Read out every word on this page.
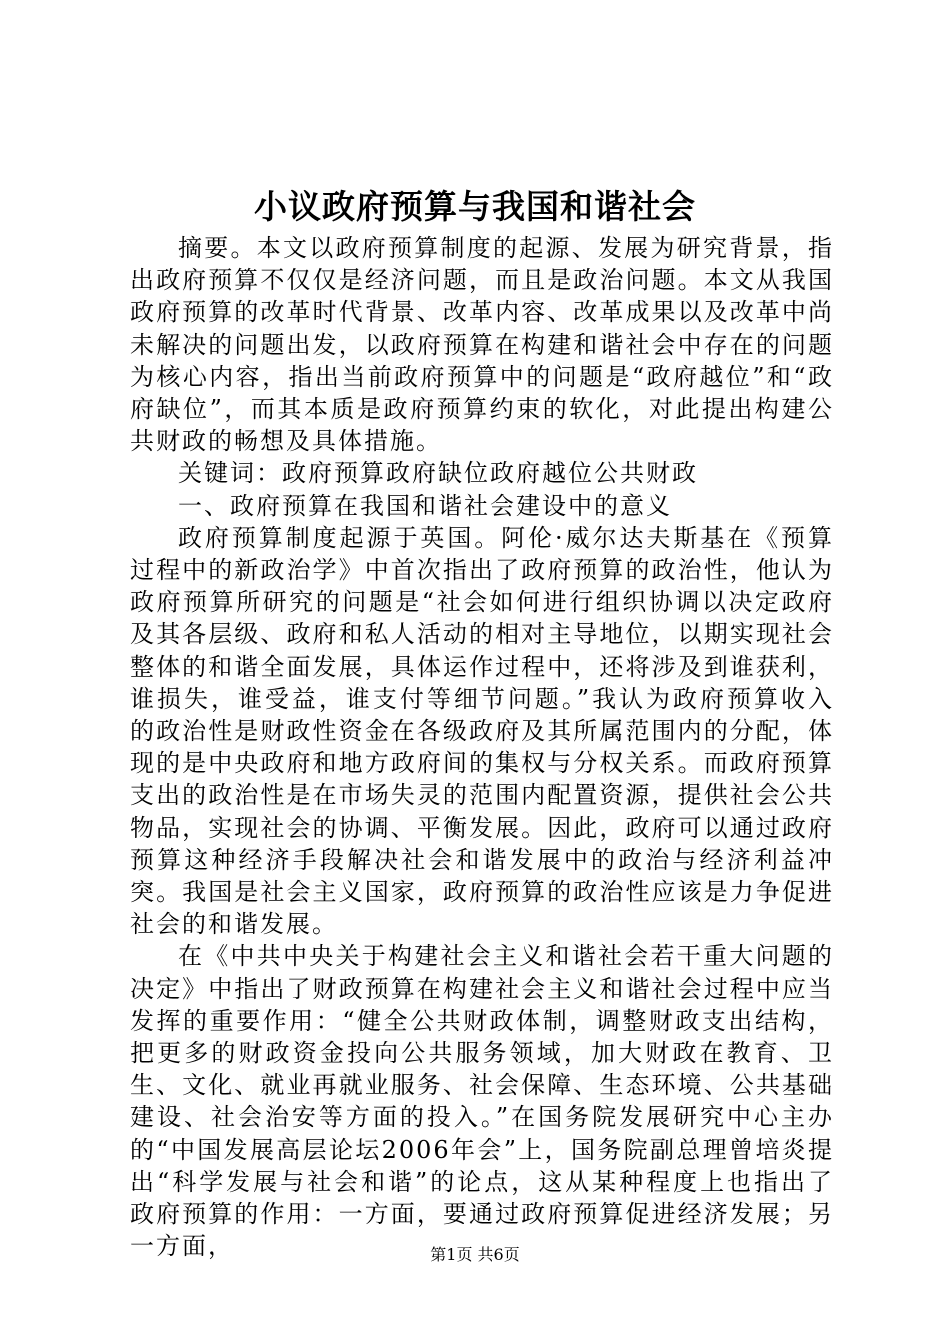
小议政府预算与我国和谐社会

摘要。本文以政府预算制度的起源、发展为研究背景，指出政府预算不仅仅是经济问题，而且是政治问题。本文从我国政府预算的改革时代背景、改革内容、改革成果以及改革中尚未解决的问题出发，以政府预算在构建和谐社会中存在的问题为核心内容，指出当前政府预算中的问题是“政府越位”和“政府缺位”，而其本质是政府预算约束的软化，对此提出构建公共财政的畅想及具体措施。

关键词：政府预算政府缺位政府越位公共财政

一、政府预算在我国和谐社会建设中的意义

政府预算制度起源于英国。阿伦·威尔达夫斯基在《预算过程中的新政治学》中首次指出了政府预算的政治性，他认为政府预算所研究的问题是“社会如何进行组织协调以决定政府及其各层级、政府和私人活动的相对主导地位，以期实现社会整体的和谐全面发展，具体运作过程中，还将涉及到谁获利，谁损失，谁受益，谁支付等细节问题。”我认为政府预算收入的政治性是财政性资金在各级政府及其所属范围内的分配，体现的是中央政府和地方政府间的集权与分权关系。而政府预算支出的政治性是在市场失灵的范围内配置资源，提供社会公共物品，实现社会的协调、平衡发展。因此，政府可以通过政府预算这种经济手段解决社会和谐发展中的政治与经济利益冲突。我国是社会主义国家，政府预算的政治性应该是力争促进社会的和谐发展。

在《中共中央关于构建社会主义和谐社会若干重大问题的决定》中指出了财政预算在构建社会主义和谐社会过程中应当发挥的重要作用：“健全公共财政体制，调整财政支出结构，把更多的财政资金投向公共服务领域，加大财政在教育、卫生、文化、就业再就业服务、社会保障、生态环境、公共基础建设、社会治安等方面的投入。”在国务院发展研究中心主办的“中国发展高层论坛2006年会”上，国务院副总理曾培炎提出“科学发展与社会和谐”的论点，这从某种程度上也指出了政府预算的作用：一方面，要通过政府预算促进经济发展；另一方面，	第1页 共6页
